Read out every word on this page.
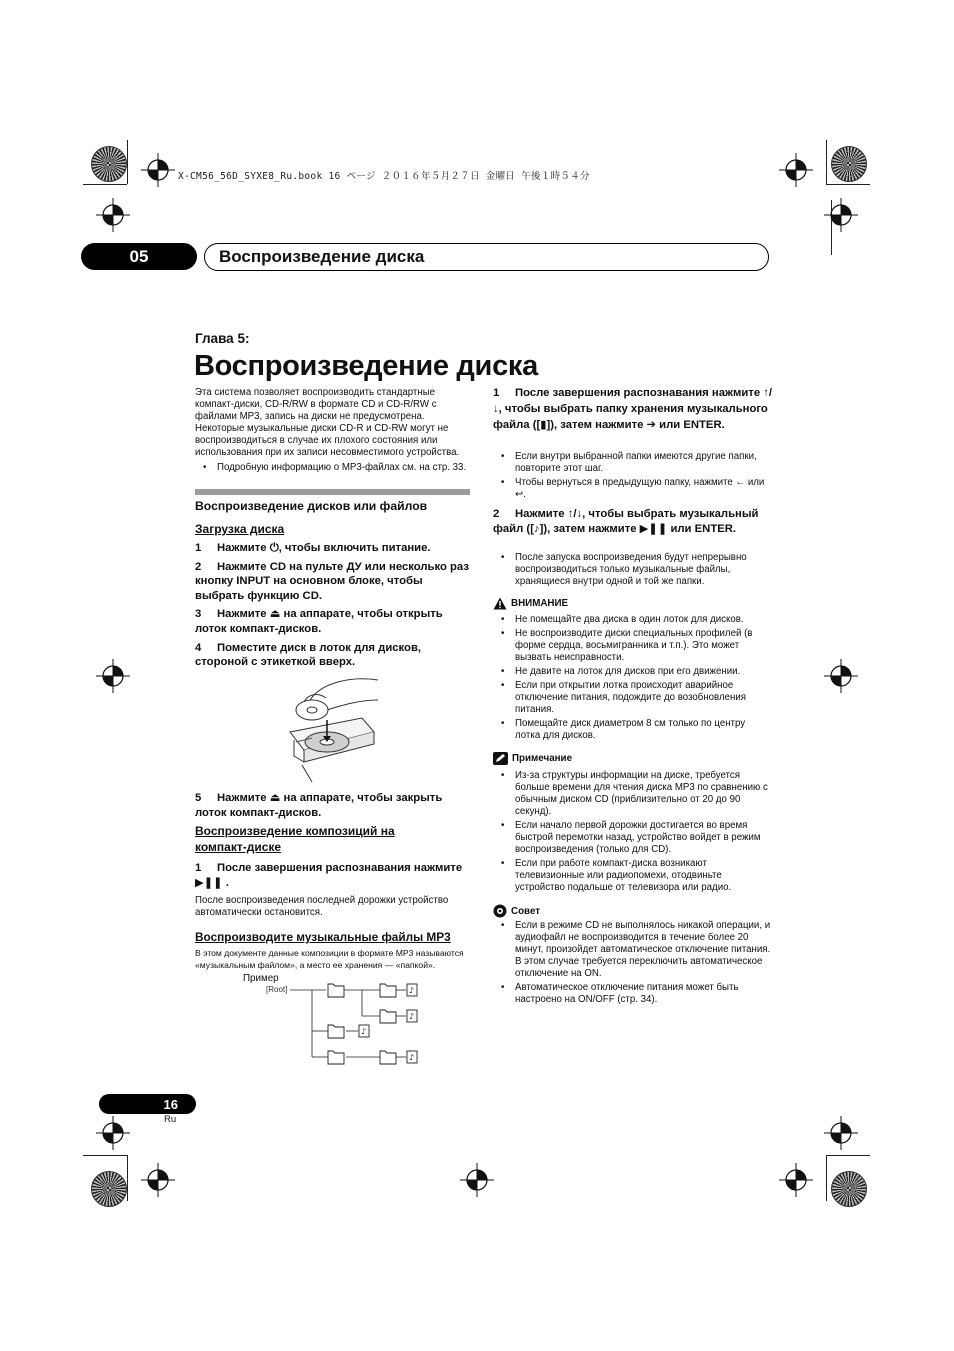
X-CM56_56D_SYXE8_Ru.book 16 ページ ２０１６年５月２７日 金曜日 午後１時５４分
05	Воспроизведение диска
Глава 5:
Воспроизведение диска

Эта система позволяет воспроизводить стандартные компакт-диски, CD-R/RW в формате CD и CD-R/RW с файлами MP3, запись на диски не предусмотрена. Некоторые музыкальные диски CD-R и CD-RW могут не воспроизводиться в случае их плохого состояния или использования при их записи несовместимого устройства.

• Подробную информацию о MP3-файлах см. на стр. 33.
Воспроизведение дисков или файлов
Загрузка диска
1 Нажмите ⏻, чтобы включить питание.
2 Нажмите CD на пульте ДУ или несколько раз кнопку INPUT на основном блоке, чтобы выбрать функцию CD.
3 Нажмите ⏏ на аппарате, чтобы открыть лоток компакт-дисков.
4 Поместите диск в лоток для дисков, стороной с этикеткой вверх.
5 Нажмите ⏏ на аппарате, чтобы закрыть лоток компакт-дисков.
Воспроизведение композиций на компакт-диске
1 После завершения распознавания нажмите ▶❚❚ .
После воспроизведения последней дорожки устройство автоматически остановится.
Воспроизводите музыкальные файлы MP3
В этом документе данные композиции в формате MP3 называются «музыкальным файлом», а место ее хранения — «папкой».
Пример
[Root]	♪
♪
♪
♪
1 После завершения распознавания нажмите ↑/↓, чтобы выбрать папку хранения музыкального файла ([▮]), затем нажмите ➔ или ENTER.
• Если внутри выбранной папки имеются другие папки, повторите этот шаг.
• Чтобы вернуться в предыдущую папку, нажмите ← или ↩.
2 Нажмите ↑/↓, чтобы выбрать музыкальный файл ([♪]), затем нажмите ▶❚❚ или ENTER.
• После запуска воспроизведения будут непрерывно воспроизводиться только музыкальные файлы, хранящиеся внутри одной и той же папки.
ВНИМАНИЕ
• Не помещайте два диска в один лоток для дисков.
• Не воспроизводите диски специальных профилей (в форме сердца, восьмигранника и т.п.). Это может вызвать неисправности.
• Не давите на лоток для дисков при его движении.
• Если при открытии лотка происходит аварийное отключение питания, подождите до возобновления питания.
• Помещайте диск диаметром 8 см только по центру лотка для дисков.
Примечание
• Из-за структуры информации на диске, требуется больше времени для чтения диска MP3 по сравнению с обычным диском CD (приблизительно от 20 до 90 секунд).
• Если начало первой дорожки достигается во время быстрой перемотки назад, устройство войдет в режим воспроизведения (только для CD).
• Если при работе компакт-диска возникают телевизионные или радиопомехи, отодвиньте устройство подальше от телевизора или радио.
Совет
• Если в режиме CD не выполнялось никакой операции, и аудиофайл не воспроизводится в течение более 20 минут, произойдет автоматическое отключение питания. В этом случае требуется переключить автоматическое отключение на ON.
• Автоматическое отключение питания может быть настроено на ON/OFF (стр. 34).
16
Ru
